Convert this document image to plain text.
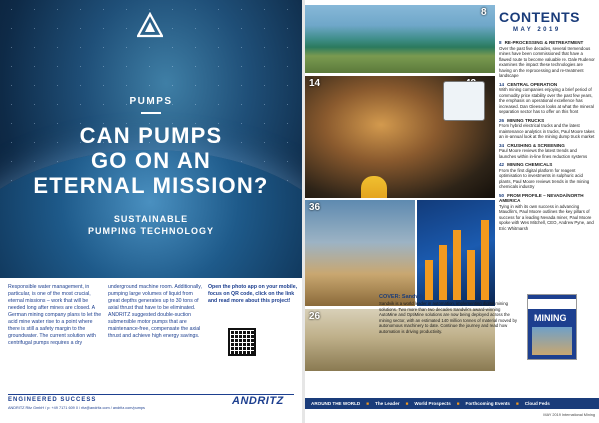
PUMPS
CAN PUMPS
GO ON AN
ETERNAL MISSION?
SUSTAINABLE
PUMPING TECHNOLOGY
Responsible water management, in particular, is one of the most crucial, eternal missions – work that will be needed long after mines are closed. A German mining company plans to let the acid mine water rise to a point where there is still a safety margin to the groundwater. The current solution with centrifugal pumps requires a dry
underground machine room. Additionally, pumping large volumes of liquid from great depths generates up to 30 tons of axial thrust that have to be eliminated. ANDRITZ suggested double-suction submersible motor pumps that are maintenance-free, compensate the axial thrust and achieve high energy savings.
Open the photo app on your mobile, focus on QR code, click on the link and read more about this project!
ENGINEERED SUCCESS
ANDRITZ Ritz GmbH / p: +49 7171 609 0 / ritz@andritz.com / andritz.com/pumps
ANDRITZ
8
14
36
26
CONTENTS
MAY 2019
8 RE-PROCESSING & RETREATMENT
Over the past five decades, several tremendous mines have been commissioned that have a flawed route to become valuable re. Dale Rudenor examines the impact these technologies are having on the reprocessing and re-treatment landscape
14 CENTRAL OPERATION
With mining companies enjoying a brief period of commodity price stability over the past few years, the emphasis on operational excellence has increased. Dan Gleeson looks at what the mineral separation sector has to offer on this front
26 MINING TRUCKS
From hybrid electrical trucks and the latest maintenance analytics in trucks, Paul Moore takes an in-annual look at the mining dump truck market
34 CRUSHING & SCREENING
Paul Moore reviews the latest trends and launches within in-line fines reduction systems
42 MINING CHEMICALS
From the first digital platform for reagent optimisation to investments in sulphuric acid plants, Paul Moore reviews trends in the mining chemicals industry
50 FROM PROFILE – NEVADA/NORTH AMERICA
Tying in with its own success in advancing Maudlin's, Paul Moore outlines the key pillars of success for a leading Nevada miner, Paul Moore spoke with Wes Mitchell, CEO, Andrew Pyne, and Eric Whitmarsh
COVER: Sandvik
Sandvik is a world leader in automation, implementing digital mining solutions. Two more than two decades Sandvik's award-winning AutoMine and OptiMine solutions are now being deployed across the mining sector, with an estimated 140 million tonnes of material moved by autonomous machinery to date. Continue the journey and read how automation is driving productivity.
MINING
AROUND THE WORLD ■ The Leader ■ World Prospects ■ Forthcoming Events ■ Cloud Feds
MAY 2019 International Mining
